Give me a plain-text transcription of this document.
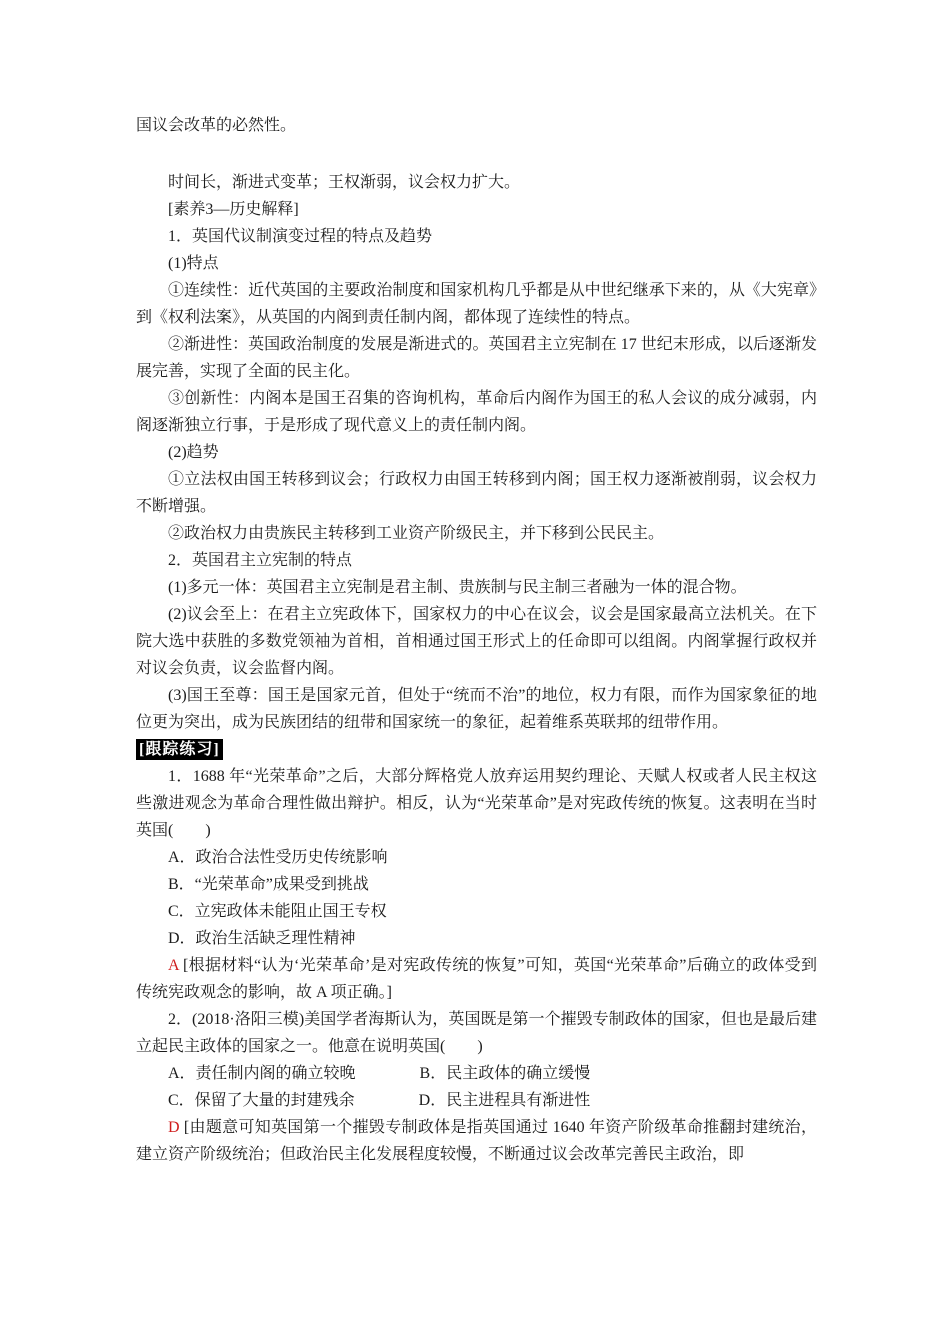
国议会改革的必然性。

时间长，渐进式变革；王权渐弱，议会权力扩大。

[素养3—历史解释]

1．英国代议制演变过程的特点及趋势

(1)特点

①连续性：近代英国的主要政治制度和国家机构几乎都是从中世纪继承下来的，从《大宪章》到《权利法案》，从英国的内阁到责任制内阁，都体现了连续性的特点。

②渐进性：英国政治制度的发展是渐进式的。英国君主立宪制在 17 世纪末形成，以后逐渐发展完善，实现了全面的民主化。

③创新性：内阁本是国王召集的咨询机构，革命后内阁作为国王的私人会议的成分减弱，内阁逐渐独立行事，于是形成了现代意义上的责任制内阁。

(2)趋势

①立法权由国王转移到议会；行政权力由国王转移到内阁；国王权力逐渐被削弱，议会权力不断增强。

②政治权力由贵族民主转移到工业资产阶级民主，并下移到公民民主。

2．英国君主立宪制的特点

(1)多元一体：英国君主立宪制是君主制、贵族制与民主制三者融为一体的混合物。

(2)议会至上：在君主立宪政体下，国家权力的中心在议会，议会是国家最高立法机关。在下院大选中获胜的多数党领袖为首相，首相通过国王形式上的任命即可以组阁。内阁掌握行政权并对议会负责，议会监督内阁。

(3)国王至尊：国王是国家元首，但处于“统而不治”的地位，权力有限，而作为国家象征的地位更为突出，成为民族团结的纽带和国家统一的象征，起着维系英联邦的纽带作用。

[跟踪练习]

1．1688 年“光荣革命”之后，大部分辉格党人放弃运用契约理论、天赋人权或者人民主权这些激进观念为革命合理性做出辩护。相反，认为“光荣革命”是对宪政传统的恢复。这表明在当时英国(　　)

A．政治合法性受历史传统影响

B．“光荣革命”成果受到挑战

C．立宪政体未能阻止国王专权

D．政治生活缺乏理性精神

A [根据材料“认为‘光荣革命’是对宪政传统的恢复”可知，英国“光荣革命”后确立的政体受到传统宪政观念的影响，故 A 项正确。]

2．(2018·洛阳三模)美国学者海斯认为，英国既是第一个摧毁专制政体的国家，但也是最后建立起民主政体的国家之一。他意在说明英国(　　)

A．责任制内阁的确立较晚　　　　B．民主政体的确立缓慢

C．保留了大量的封建残余　　　　D．民主进程具有渐进性

D [由题意可知英国第一个摧毁专制政体是指英国通过 1640 年资产阶级革命推翻封建统治，建立资产阶级统治；但政治民主化发展程度较慢，不断通过议会改革完善民主政治，即
